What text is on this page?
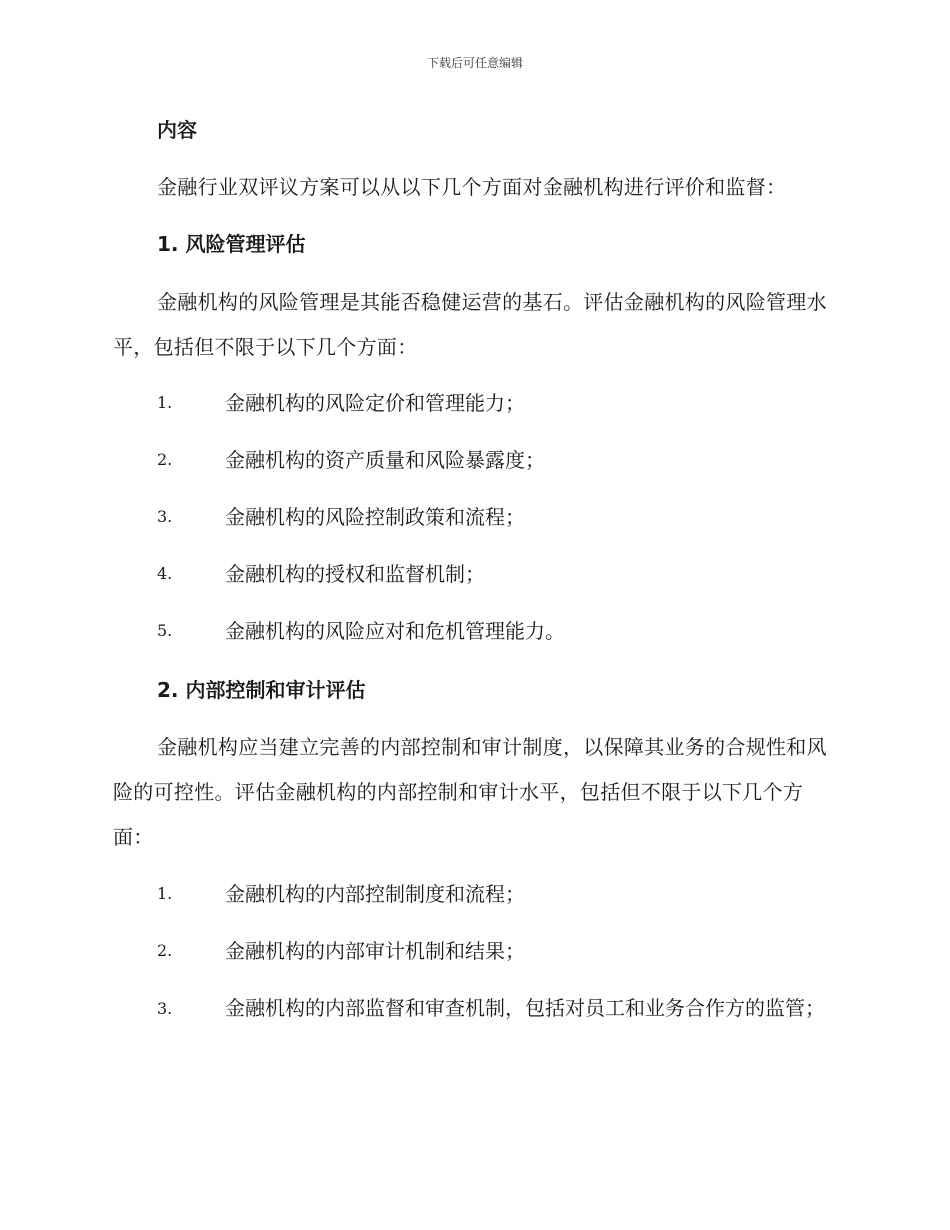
下载后可任意编辑
内容
金融行业双评议方案可以从以下几个方面对金融机构进行评价和监督：
1. 风险管理评估
金融机构的风险管理是其能否稳健运营的基石。评估金融机构的风险管理水平，包括但不限于以下几个方面：
1.	金融机构的风险定价和管理能力；
2.	金融机构的资产质量和风险暴露度；
3.	金融机构的风险控制政策和流程；
4.	金融机构的授权和监督机制；
5.	金融机构的风险应对和危机管理能力。
2. 内部控制和审计评估
金融机构应当建立完善的内部控制和审计制度，以保障其业务的合规性和风险的可控性。评估金融机构的内部控制和审计水平，包括但不限于以下几个方面：
1.	金融机构的内部控制制度和流程；
2.	金融机构的内部审计机制和结果；
3.	金融机构的内部监督和审查机制，包括对员工和业务合作方的监管；
